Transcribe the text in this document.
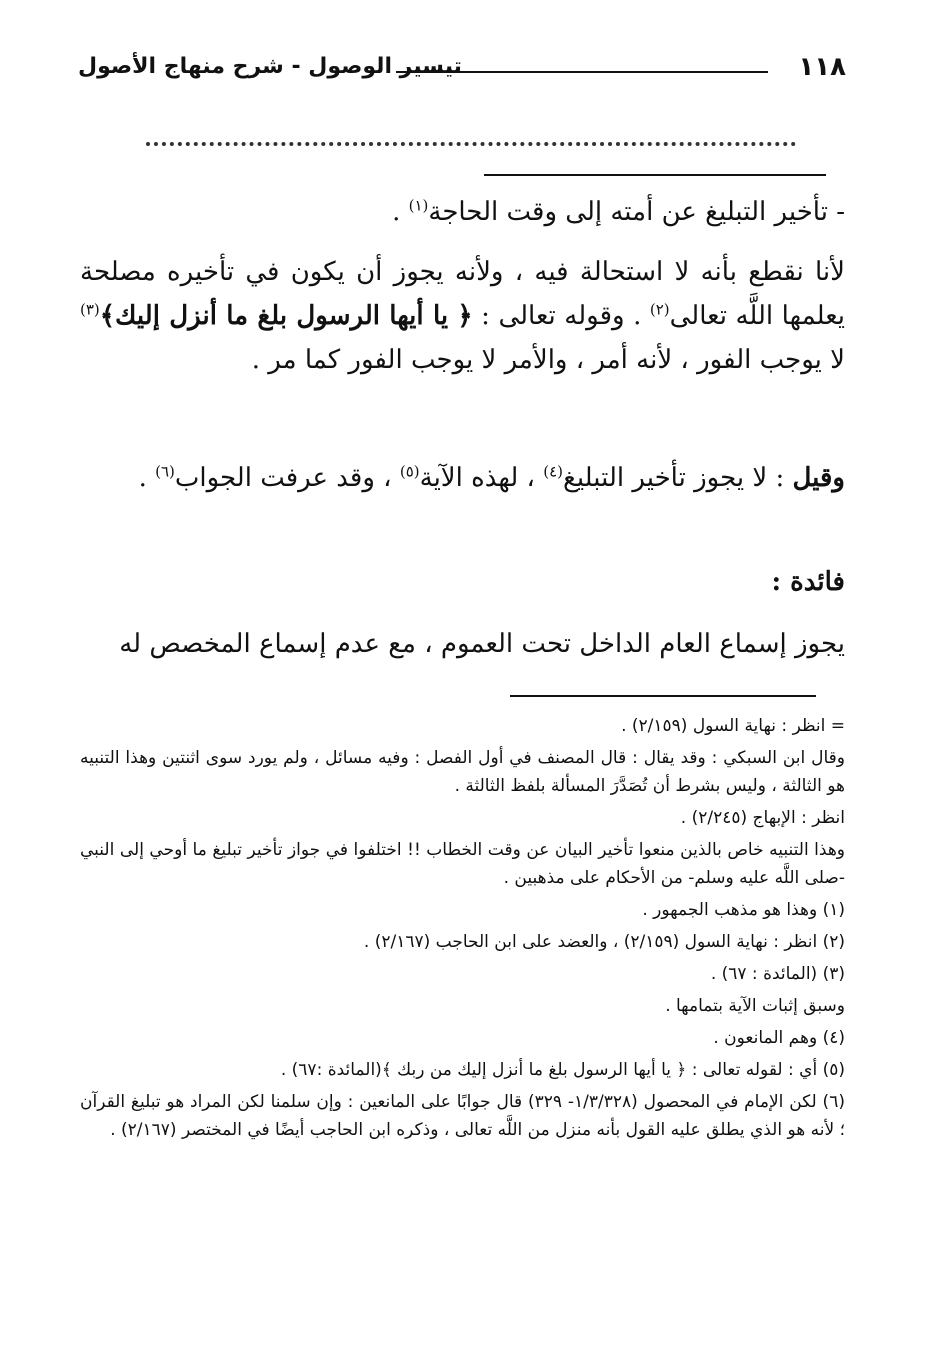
١١٨
تيسير الوصول - شرح منهاج الأصول
- تأخير التبليغ عن أمته إلى وقت الحاجة$^{(١)}$ .
لأنا نقطع بأنه لا استحالة فيه ، ولأنه يجوز أن يكون في تأخيره مصلحة يعلمها اللَّه تعالى$^{(٢)}$ . وقوله تعالى : ﴿ يا أيها الرسول بلغ ما أنزل إليك﴾$^{(٣)}$ لا يوجب الفور ، لأنه أمر ، والأمر لا يوجب الفور كما مر .
وقيل : لا يجوز تأخير التبليغ$^{(٤)}$ ، لهذه الآية$^{(٥)}$ ، وقد عرفت الجواب$^{(٦)}$ .
فائدة :
يجوز إسماع العام الداخل تحت العموم ، مع عدم إسماع المخصص له

= انظر : نهاية السول (٢/١٥٩) .

وقال ابن السبكي : وقد يقال : قال المصنف في أول الفصل : وفيه مسائل ، ولم يورد سوى اثنتين وهذا التنبيه هو الثالثة ، وليس بشرط أن تُصَدَّرَ المسألة بلفظ الثالثة .

انظر : الإبهاج (٢/٢٤٥) .

وهذا التنبيه خاص بالذين منعوا تأخير البيان عن وقت الخطاب !! اختلفوا في جواز تأخير تبليغ ما أوحي إلى النبي -صلى اللَّه عليه وسلم- من الأحكام على مذهبين .

(١) وهذا هو مذهب الجمهور .

(٢) انظر : نهاية السول (٢/١٥٩) ، والعضد على ابن الحاجب (٢/١٦٧) .

(٣) (المائدة : ٦٧) .

وسبق إثبات الآية بتمامها .

(٤) وهم المانعون .

(٥) أي : لقوله تعالى : ﴿ يا أيها الرسول بلغ ما أنزل إليك من ربك ﴾(المائدة :٦٧) .

(٦) لكن الإمام في المحصول (١/٣/٣٢٨- ٣٢٩) قال جوابًا على المانعين : وإن سلمنا لكن المراد هو تبليغ القرآن ؛ لأنه هو الذي يطلق عليه القول بأنه منزل من اللَّه تعالى ، وذكره ابن الحاجب أيضًا في المختصر (٢/١٦٧) .
